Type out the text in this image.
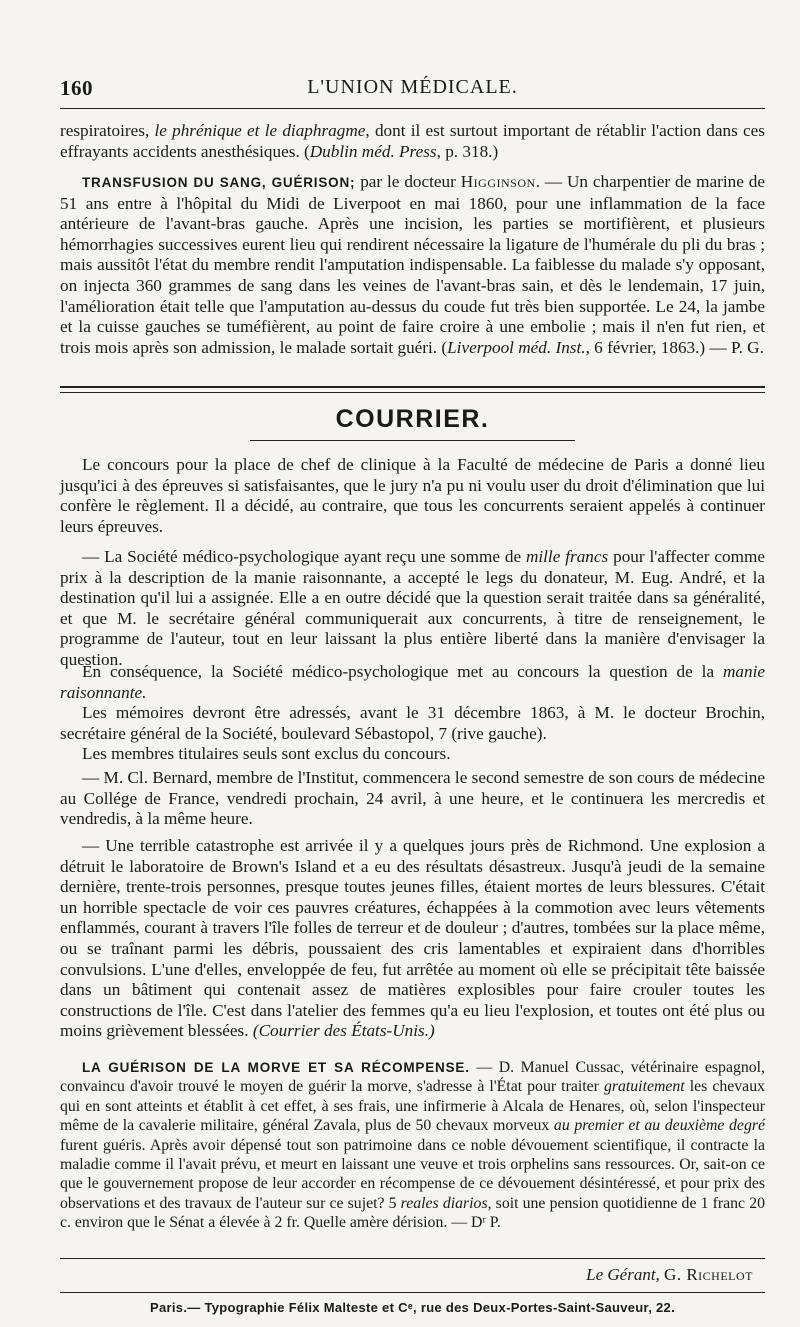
160	L'UNION MÉDICALE.

respiratoires, le phrénique et le diaphragme, dont il est surtout important de rétablir l'action dans ces effrayants accidents anesthésiques. (Dublin méd. Press, p. 318.)

TRANSFUSION DU SANG, GUÉRISON; par le docteur Higginson. — Un charpentier de marine de 51 ans entre à l'hôpital du Midi de Liverpoot en mai 1860, pour une inflammation de la face antérieure de l'avant-bras gauche. Après une incision, les parties se mortifièrent, et plusieurs hémorrhagies successives eurent lieu qui rendirent nécessaire la ligature de l'humérale du pli du bras ; mais aussitôt l'état du membre rendit l'amputation indispensable. La faiblesse du malade s'y opposant, on injecta 360 grammes de sang dans les veines de l'avant-bras sain, et dès le lendemain, 17 juin, l'amélioration était telle que l'amputation au-dessus du coude fut très bien supportée. Le 24, la jambe et la cuisse gauches se tuméfièrent, au point de faire croire à une embolie ; mais il n'en fut rien, et trois mois après son admission, le malade sortait guéri. (Liverpool méd. Inst., 6 février, 1863.) — P. G.

COURRIER.

Le concours pour la place de chef de clinique à la Faculté de médecine de Paris a donné lieu jusqu'ici à des épreuves si satisfaisantes, que le jury n'a pu ni voulu user du droit d'élimination que lui confère le règlement. Il a décidé, au contraire, que tous les concurrents seraient appelés à continuer leurs épreuves.

— La Société médico-psychologique ayant reçu une somme de mille francs pour l'affecter comme prix à la description de la manie raisonnante, a accepté le legs du donateur, M. Eug. André, et la destination qu'il lui a assignée. Elle a en outre décidé que la question serait traitée dans sa généralité, et que M. le secrétaire général communiquerait aux concurrents, à titre de renseignement, le programme de l'auteur, tout en leur laissant la plus entière liberté dans la manière d'envisager la question.

En conséquence, la Société médico-psychologique met au concours la question de la manie raisonnante.

Les mémoires devront être adressés, avant le 31 décembre 1863, à M. le docteur Brochin, secrétaire général de la Société, boulevard Sébastopol, 7 (rive gauche).

Les membres titulaires seuls sont exclus du concours.

— M. Cl. Bernard, membre de l'Institut, commencera le second semestre de son cours de médecine au Collége de France, vendredi prochain, 24 avril, à une heure, et le continuera les mercredis et vendredis, à la même heure.

— Une terrible catastrophe est arrivée il y a quelques jours près de Richmond. Une explosion a détruit le laboratoire de Brown's Island et a eu des résultats désastreux. Jusqu'à jeudi de la semaine dernière, trente-trois personnes, presque toutes jeunes filles, étaient mortes de leurs blessures. C'était un horrible spectacle de voir ces pauvres créatures, échappées à la commotion avec leurs vêtements enflammés, courant à travers l'île folles de terreur et de douleur ; d'autres, tombées sur la place même, ou se traînant parmi les débris, poussaient des cris lamentables et expiraient dans d'horribles convulsions. L'une d'elles, enveloppée de feu, fut arrêtée au moment où elle se précipitait tête baissée dans un bâtiment qui contenait assez de matières explosibles pour faire crouler toutes les constructions de l'île. C'est dans l'atelier des femmes qu'a eu lieu l'explosion, et toutes ont été plus ou moins grièvement blessées. (Courrier des États-Unis.)

LA GUÉRISON DE LA MORVE ET SA RÉCOMPENSE. — D. Manuel Cussac, vétérinaire espagnol, convaincu d'avoir trouvé le moyen de guérir la morve, s'adresse à l'État pour traiter gratuitement les chevaux qui en sont atteints et établit à cet effet, à ses frais, une infirmerie à Alcala de Henares, où, selon l'inspecteur même de la cavalerie militaire, général Zavala, plus de 50 chevaux morveux au premier et au deuxième degré furent guéris. Après avoir dépensé tout son patrimoine dans ce noble dévouement scientifique, il contracte la maladie comme il l'avait prévu, et meurt en laissant une veuve et trois orphelins sans ressources. Or, sait-on ce que le gouvernement propose de leur accorder en récompense de ce dévouement désintéressé, et pour prix des observations et des travaux de l'auteur sur ce sujet? 5 reales diarios, soit une pension quotidienne de 1 franc 20 c. environ que le Sénat a élevée à 2 fr. Quelle amère dérision. — Dʳ P.

Le Gérant, G. Richelot
Paris.— Typographie Félix Malteste et Cᵉ, rue des Deux-Portes-Saint-Sauveur, 22.
